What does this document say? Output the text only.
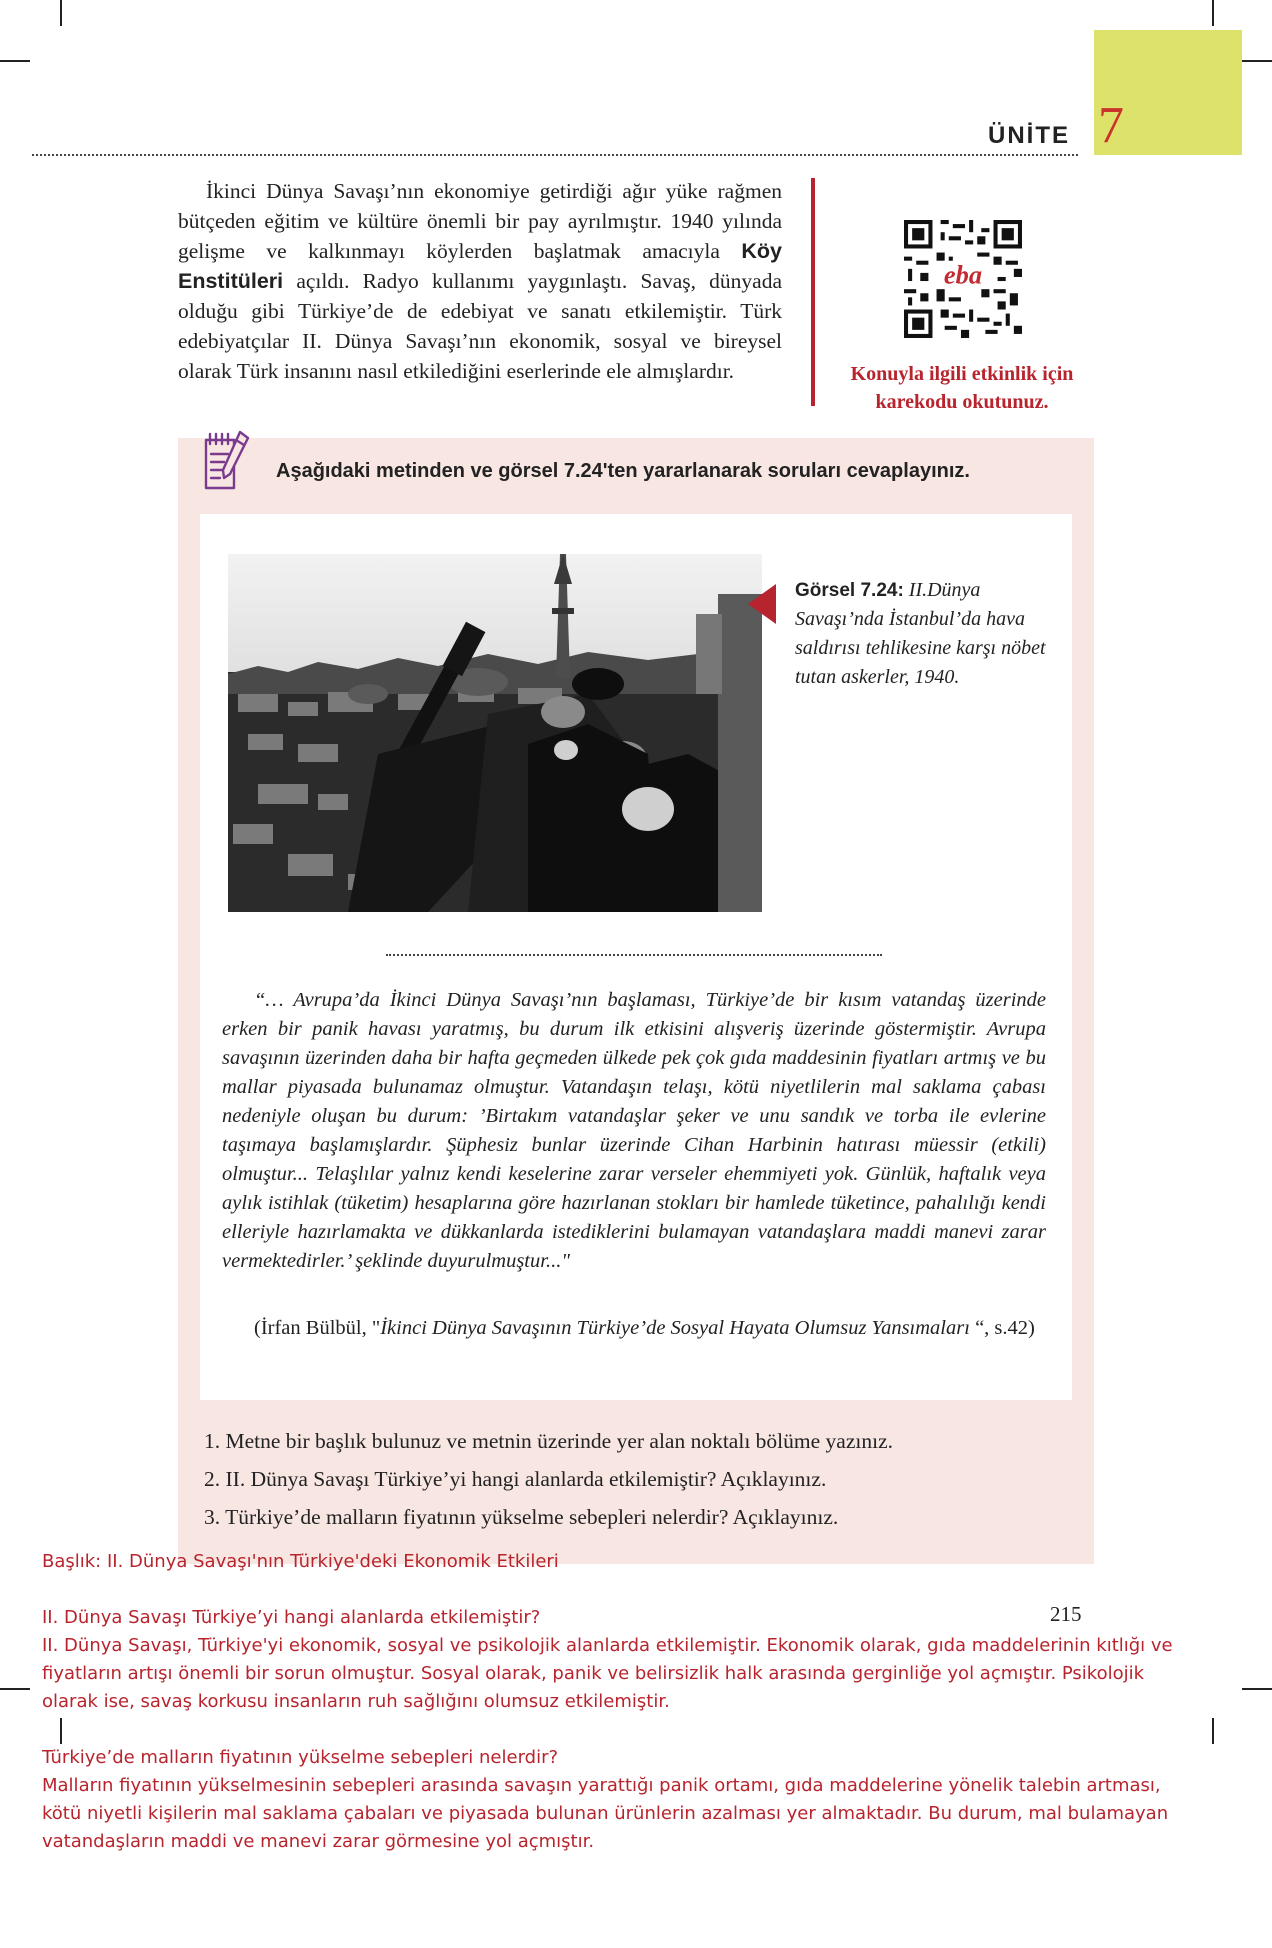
ÜNİTE 7

İkinci Dünya Savaşı’nın ekonomiye getirdiği ağır yüke rağmen bütçeden eğitim ve kültüre önemli bir pay ayrılmıştır. 1940 yılında gelişme ve kalkınmayı köylerden başlatmak amacıyla Köy Enstitüleri açıldı. Radyo kullanımı yaygınlaştı. Savaş, dünyada olduğu gibi Türkiye’de de edebiyat ve sanatı etkilemiştir. Türk edebiyatçılar II. Dünya Savaşı’nın ekonomik, sosyal ve bireysel olarak Türk insanını nasıl etkilediğini eserlerinde ele almışlardır.

eba
Konuyla ilgili etkinlik için
karekodu okutunuz.
Aşağıdaki metinden ve görsel 7.24'ten yararlanarak soruları cevaplayınız.
Görsel 7.24: II.Dünya Savaşı’nda İstanbul’da hava saldırısı tehlikesine karşı nöbet tutan askerler, 1940.

“… Avrupa’da İkinci Dünya Savaşı’nın başlaması, Türkiye’de bir kısım vatandaş üzerinde erken bir panik havası yaratmış, bu durum ilk etkisini alışveriş üzerinde göstermiştir. Avrupa savaşının üzerinden daha bir hafta geçmeden ülkede pek çok gıda maddesinin fiyatları artmış ve bu mallar piyasada bulunamaz olmuştur. Vatandaşın telaşı, kötü niyetlilerin mal saklama çabası nedeniyle oluşan bu durum: ’Birtakım vatandaşlar şeker ve unu sandık ve torba ile evlerine taşımaya başlamışlardır. Şüphesiz bunlar üzerinde Cihan Harbinin hatırası müessir (etkili) olmuştur... Telaşlılar yalnız kendi keselerine zarar verseler ehemmiyeti yok. Günlük, haftalık veya aylık istihlak (tüketim) hesaplarına göre hazırlanan stokları bir hamlede tüketince, pahalılığı kendi elleriyle hazırlamakta ve dükkanlarda istediklerini bulamayan vatandaşlara maddi manevi zarar vermektedirler.’ şeklinde duyurulmuştur..."

(İrfan Bülbül, "İkinci Dünya Savaşının Türkiye’de Sosyal Hayata Olumsuz Yansımaları “, s.42)

1. Metne bir başlık bulunuz ve metnin üzerinde yer alan noktalı bölüme yazınız.
2. II. Dünya Savaşı Türkiye’yi hangi alanlarda etkilemiştir? Açıklayınız.
3. Türkiye’de malların fiyatının yükselme sebepleri nelerdir? Açıklayınız.
215
Başlık: II. Dünya Savaşı'nın Türkiye'deki Ekonomik Etkileri
II. Dünya Savaşı Türkiye’yi hangi alanlarda etkilemiştir?
II. Dünya Savaşı, Türkiye'yi ekonomik, sosyal ve psikolojik alanlarda etkilemiştir. Ekonomik olarak, gıda maddelerinin kıtlığı ve
fiyatların artışı önemli bir sorun olmuştur. Sosyal olarak, panik ve belirsizlik halk arasında gerginliğe yol açmıştır. Psikolojik
olarak ise, savaş korkusu insanların ruh sağlığını olumsuz etkilemiştir.
Türkiye’de malların fiyatının yükselme sebepleri nelerdir?
Malların fiyatının yükselmesinin sebepleri arasında savaşın yarattığı panik ortamı, gıda maddelerine yönelik talebin artması,
kötü niyetli kişilerin mal saklama çabaları ve piyasada bulunan ürünlerin azalması yer almaktadır. Bu durum, mal bulamayan
vatandaşların maddi ve manevi zarar görmesine yol açmıştır.
